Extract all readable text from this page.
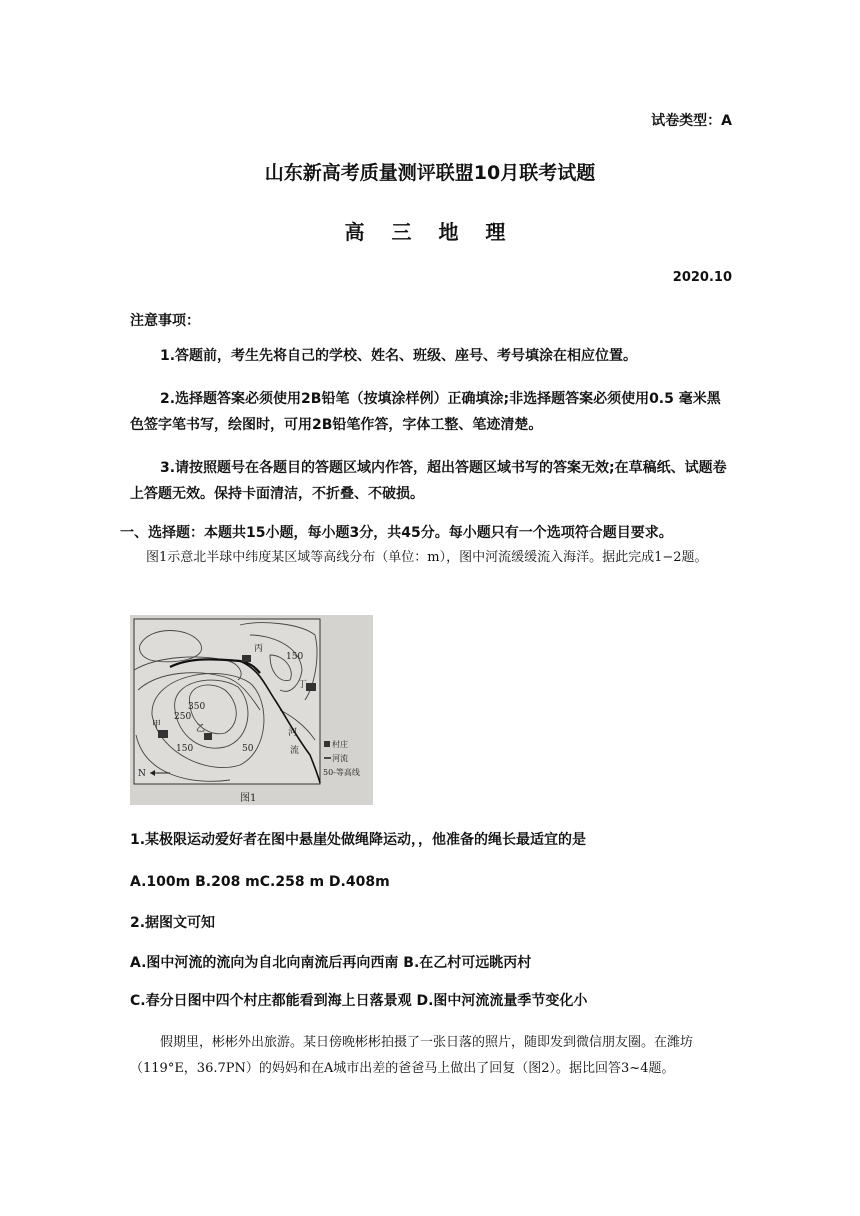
试卷类型：A
山东新高考质量测评联盟10月联考试题
高 三 地 理
2020.10
注意事项：
1.答题前，考生先将自己的学校、姓名、班级、座号、考号填涂在相应位置。
2.选择题答案必须使用2B铅笔（按填涂样例）正确填涂;非选择题答案必须使用0.5 毫米黑色签字笔书写，绘图时，可用2B铅笔作答，字体工整、笔迹清楚。
3.请按照题号在各题目的答题区域内作答，超出答题区域书写的答案无效;在草稿纸、试题卷上答题无效。保持卡面清洁，不折叠、不破损。
一、选择题：本题共15小题，每小题3分，共45分。每小题只有一个选项符合题目要求。
图1示意北半球中纬度某区域等高线分布（单位：m），图中河流缓缓流入海洋。据此完成1−2题。
丙
150
丁
350
250
甲	乙
150	50
河
流
N
村庄
河流
50-等高线
图1
1.某极限运动爱好者在图中悬崖处做绳降运动，，他准备的绳长最适宜的是
A.100m B.208 mC.258 m D.408m
2.据图文可知
A.图中河流的流向为自北向南流后再向西南 B.在乙村可远眺丙村
C.春分日图中四个村庄都能看到海上日落景观 D.图中河流流量季节变化小
假期里，彬彬外出旅游。某日傍晚彬彬拍摄了一张日落的照片，随即发到微信朋友圈。在潍坊（119°E，36.7PN）的妈妈和在A城市出差的爸爸马上做出了回复（图2）。据比回答3~4题。
